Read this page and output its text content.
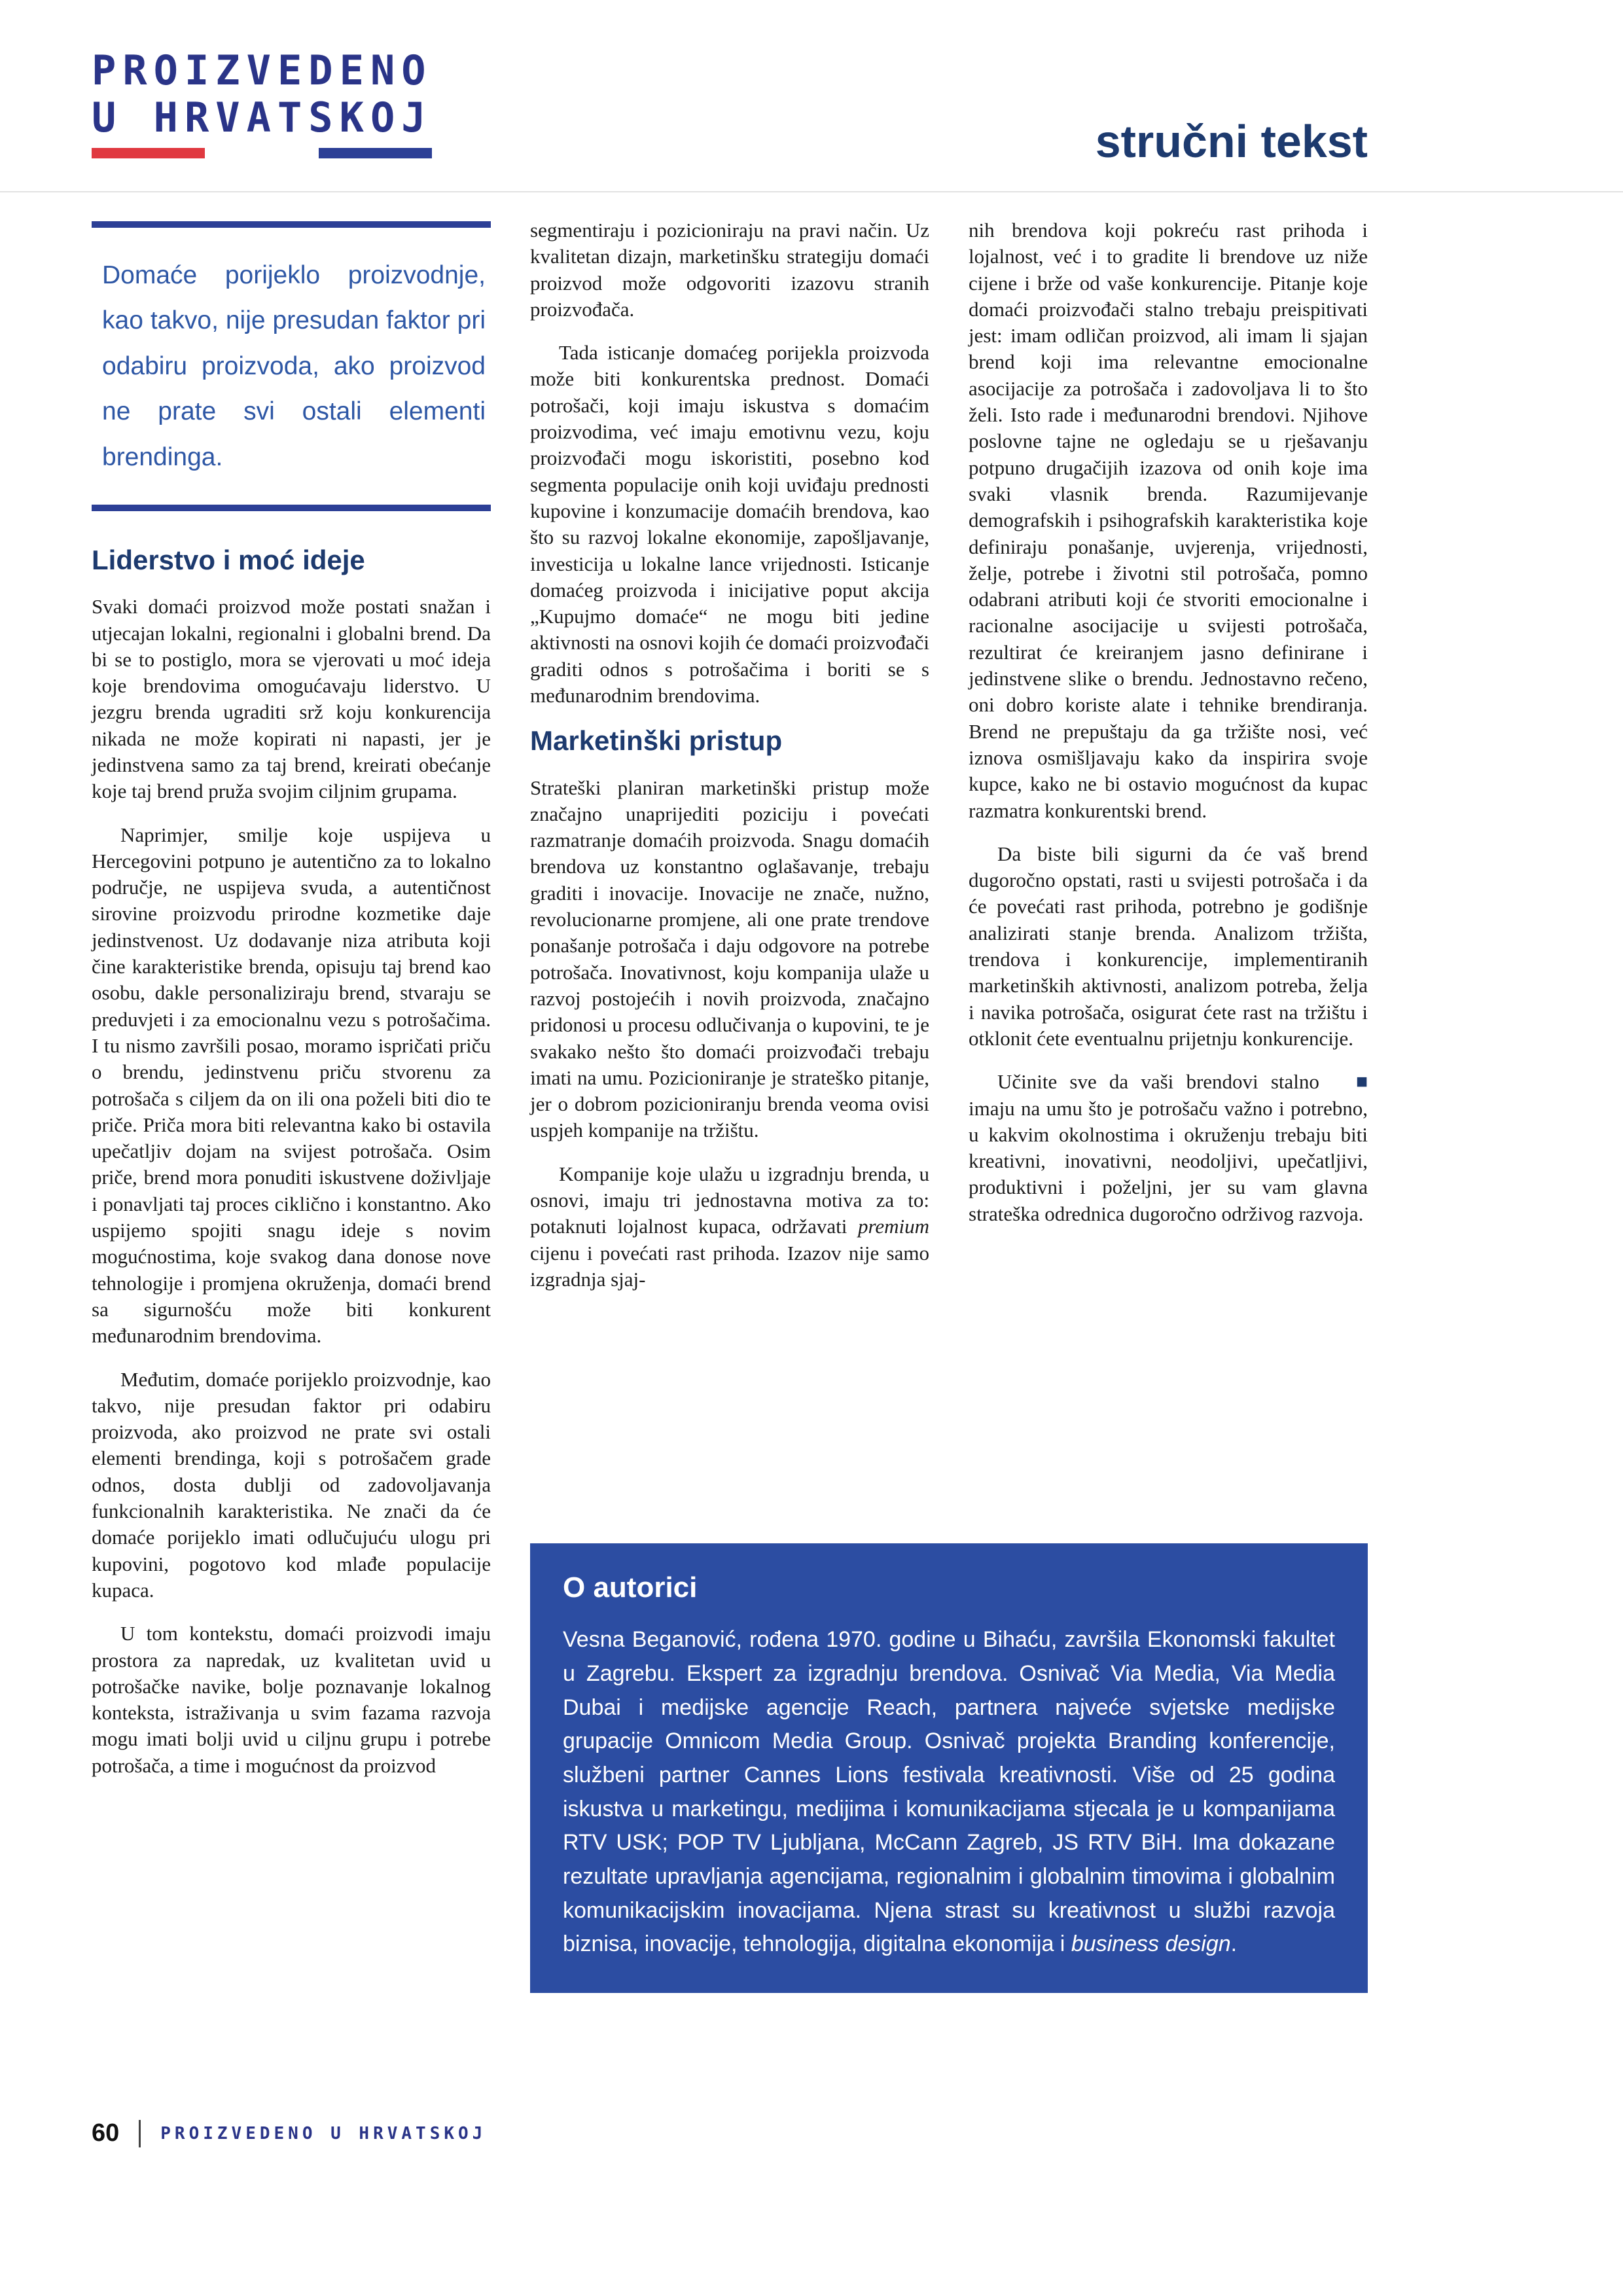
PROIZVEDENO
U HRVATSKOJ	stručni tekst
Domaće porijeklo proizvodnje, kao takvo, nije presudan faktor pri odabiru proizvoda, ako proizvod ne prate svi ostali elementi brendinga.
Liderstvo i moć ideje

Svaki domaći proizvod može postati snažan i utjecajan lokalni, regionalni i globalni brend. Da bi se to postiglo, mora se vjerovati u moć ideja koje brendovima omogućavaju liderstvo. U jezgru brenda ugraditi srž koju konkurencija nikada ne može kopirati ni napasti, jer je jedinstvena samo za taj brend, kreirati obećanje koje taj brend pruža svojim ciljnim grupama.

Naprimjer, smilje koje uspijeva u Hercegovini potpuno je autentično za to lokalno područje, ne uspijeva svuda, a autentičnost sirovine proizvodu prirodne kozmetike daje jedinstvenost. Uz dodavanje niza atributa koji čine karakteristike brenda, opisuju taj brend kao osobu, dakle personaliziraju brend, stvaraju se preduvjeti i za emocionalnu vezu s potrošačima. I tu nismo završili posao, moramo ispričati priču o brendu, jedinstvenu priču stvorenu za potrošača s ciljem da on ili ona poželi biti dio te priče. Priča mora biti relevantna kako bi ostavila upečatljiv dojam na svijest potrošača. Osim priče, brend mora ponuditi iskustvene doživljaje i ponavljati taj proces ciklično i konstantno. Ako uspijemo spojiti snagu ideje s novim mogućnostima, koje svakog dana donose nove tehnologije i promjena okruženja, domaći brend sa sigurnošću može biti konkurent međunarodnim brendovima.

Međutim, domaće porijeklo proizvodnje, kao takvo, nije presudan faktor pri odabiru proizvoda, ako proizvod ne prate svi ostali elementi brendinga, koji s potrošačem grade odnos, dosta dublji od zadovoljavanja funkcionalnih karakteristika. Ne znači da će domaće porijeklo imati odlučujuću ulogu pri kupovini, pogotovo kod mlađe populacije kupaca.

U tom kontekstu, domaći proizvodi imaju prostora za napredak, uz kvalitetan uvid u potrošačke navike, bolje poznavanje lokalnog konteksta, istraživanja u svim fazama razvoja mogu imati bolji uvid u ciljnu grupu i potrebe potrošača, a time i mogućnost da proizvod

segmentiraju i pozicioniraju na pravi način. Uz kvalitetan dizajn, marketinšku strategiju domaći proizvod može odgovoriti izazovu stranih proizvođača.

Tada isticanje domaćeg porijekla proizvoda može biti konkurentska prednost. Domaći potrošači, koji imaju iskustva s domaćim proizvodima, već imaju emotivnu vezu, koju proizvođači mogu iskoristiti, posebno kod segmenta populacije onih koji uviđaju prednosti kupovine i konzumacije domaćih brendova, kao što su razvoj lokalne ekonomije, zapošljavanje, investicija u lokalne lance vrijednosti. Isticanje domaćeg proizvoda i inicijative poput akcija „Kupujmo domaće“ ne mogu biti jedine aktivnosti na osnovi kojih će domaći proizvođači graditi odnos s potrošačima i boriti se s međunarodnim brendovima.

Marketinški pristup

Strateški planiran marketinški pristup može značajno unaprijediti poziciju i povećati razmatranje domaćih proizvoda. Snagu domaćih brendova uz konstantno oglašavanje, trebaju graditi i inovacije. Inovacije ne znače, nužno, revolucionarne promjene, ali one prate trendove ponašanje potrošača i daju odgovore na potrebe potrošača. Inovativnost, koju kompanija ulaže u razvoj postojećih i novih proizvoda, značajno pridonosi u procesu odlučivanja o kupovini, te je svakako nešto što domaći proizvođači trebaju imati na umu. Pozicioniranje je strateško pitanje, jer o dobrom pozicioniranju brenda veoma ovisi uspjeh kompanije na tržištu.

Kompanije koje ulažu u izgradnju brenda, u osnovi, imaju tri jednostavna motiva za to: potaknuti lojalnost kupaca, održavati premium cijenu i povećati rast prihoda. Izazov nije samo izgradnja sjaj-

nih brendova koji pokreću rast prihoda i lojalnost, već i to gradite li brendove uz niže cijene i brže od vaše konkurencije. Pitanje koje domaći proizvođači stalno trebaju preispitivati jest: imam odličan proizvod, ali imam li sjajan brend koji ima relevantne emocionalne asocijacije za potrošača i zadovoljava li to što želi. Isto rade i međunarodni brendovi. Njihove poslovne tajne ne ogledaju se u rješavanju potpuno drugačijih izazova od onih koje ima svaki vlasnik brenda. Razumijevanje demografskih i psihografskih karakteristika koje definiraju ponašanje, uvjerenja, vrijednosti, želje, potrebe i životni stil potrošača, pomno odabrani atributi koji će stvoriti emocionalne i racionalne asocijacije u svijesti potrošača, rezultirat će kreiranjem jasno definirane i jedinstvene slike o brendu. Jednostavno rečeno, oni dobro koriste alate i tehnike brendiranja. Brend ne prepuštaju da ga tržište nosi, već iznova osmišljavaju kako da inspirira svoje kupce, kako ne bi ostavio mogućnost da kupac razmatra konkurentski brend.

Da biste bili sigurni da će vaš brend dugoročno opstati, rasti u svijesti potrošača i da će povećati rast prihoda, potrebno je godišnje analizirati stanje brenda. Analizom tržišta, trendova i konkurencije, implementiranih marketinških aktivnosti, analizom potreba, želja i navika potrošača, osigurat ćete rast na tržištu i otklonit ćete eventualnu prijetnju konkurencije.

■
Učinite sve da vaši brendovi stalno imaju na umu što je potrošaču važno i potrebno, u kakvim okolnostima i okruženju trebaju biti kreativni, inovativni, neodoljivi, upečatljivi, produktivni i poželjni, jer su vam glavna strateška odrednica dugoročno održivog razvoja.

O autorici

Vesna Beganović, rođena 1970. godine u Bihaću, završila Ekonomski fakultet u Zagrebu. Ekspert za izgradnju brendova. Osnivač Via Media, Via Media Dubai i medijske agencije Reach, partnera najveće svjetske medijske grupacije Omnicom Media Group. Osnivač projekta Branding konferencije, službeni partner Cannes Lions festivala kreativnosti. Više od 25 godina iskustva u marketingu, medijima i komunikacijama stjecala je u kompanijama RTV USK; POP TV Ljubljana, McCann Zagreb, JS RTV BiH. Ima dokazane rezultate upravljanja agencijama, regionalnim i globalnim timovima i globalnim komunikacijskim inovacijama. Njena strast su kreativnost u službi razvoja biznisa, inovacije, tehnologija, digitalna ekonomija i business design.

60 PROIZVEDENO U HRVATSKOJ
